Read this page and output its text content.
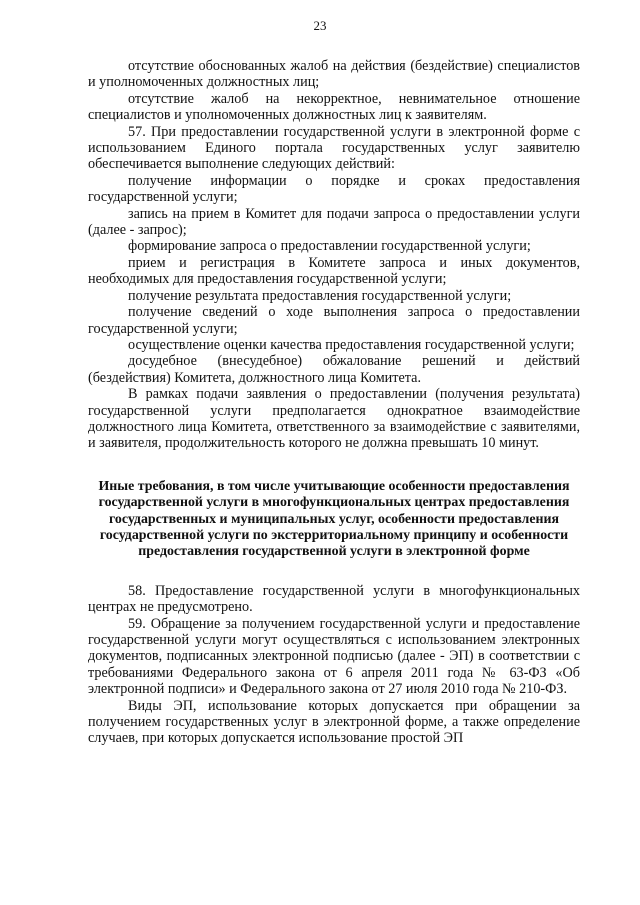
23

отсутствие обоснованных жалоб на действия (бездействие) специалистов и уполномоченных должностных лиц;

отсутствие жалоб на некорректное, невнимательное отношение специалистов и уполномоченных должностных лиц к заявителям.

57. При предоставлении государственной услуги в электронной форме с использованием Единого портала государственных услуг заявителю обеспечивается выполнение следующих действий:

получение информации о порядке и сроках предоставления государственной услуги;

запись на прием в Комитет для подачи запроса о предоставлении услуги (далее - запрос);

формирование запроса о предоставлении государственной услуги;

прием и регистрация в Комитете запроса и иных документов, необходимых для предоставления государственной услуги;

получение результата предоставления государственной услуги;

получение сведений о ходе выполнения запроса о предоставлении государственной услуги;

осуществление оценки качества предоставления государственной услуги;

досудебное (внесудебное) обжалование решений и действий (бездействия) Комитета, должностного лица Комитета.

В рамках подачи заявления о предоставлении (получения результата) государственной услуги предполагается однократное взаимодействие должностного лица Комитета, ответственного за взаимодействие с заявителями, и заявителя, продолжительность которого не должна превышать 10 минут.

Иные требования, в том числе учитывающие особенности предоставления государственной услуги в многофункциональных центрах предоставления государственных и муниципальных услуг, особенности предоставления государственной услуги по экстерриториальному принципу и особенности предоставления государственной услуги в электронной форме

58. Предоставление государственной услуги в многофункциональных центрах не предусмотрено.

59. Обращение за получением государственной услуги и предоставление государственной услуги могут осуществляться с использованием электронных документов, подписанных электронной подписью (далее - ЭП) в соответствии с требованиями Федерального закона от 6 апреля 2011 года № 63-ФЗ «Об электронной подписи» и Федерального закона от 27 июля 2010 года № 210-ФЗ.

Виды ЭП, использование которых допускается при обращении за получением государственных услуг в электронной форме, а также определение случаев, при которых допускается использование простой ЭП
